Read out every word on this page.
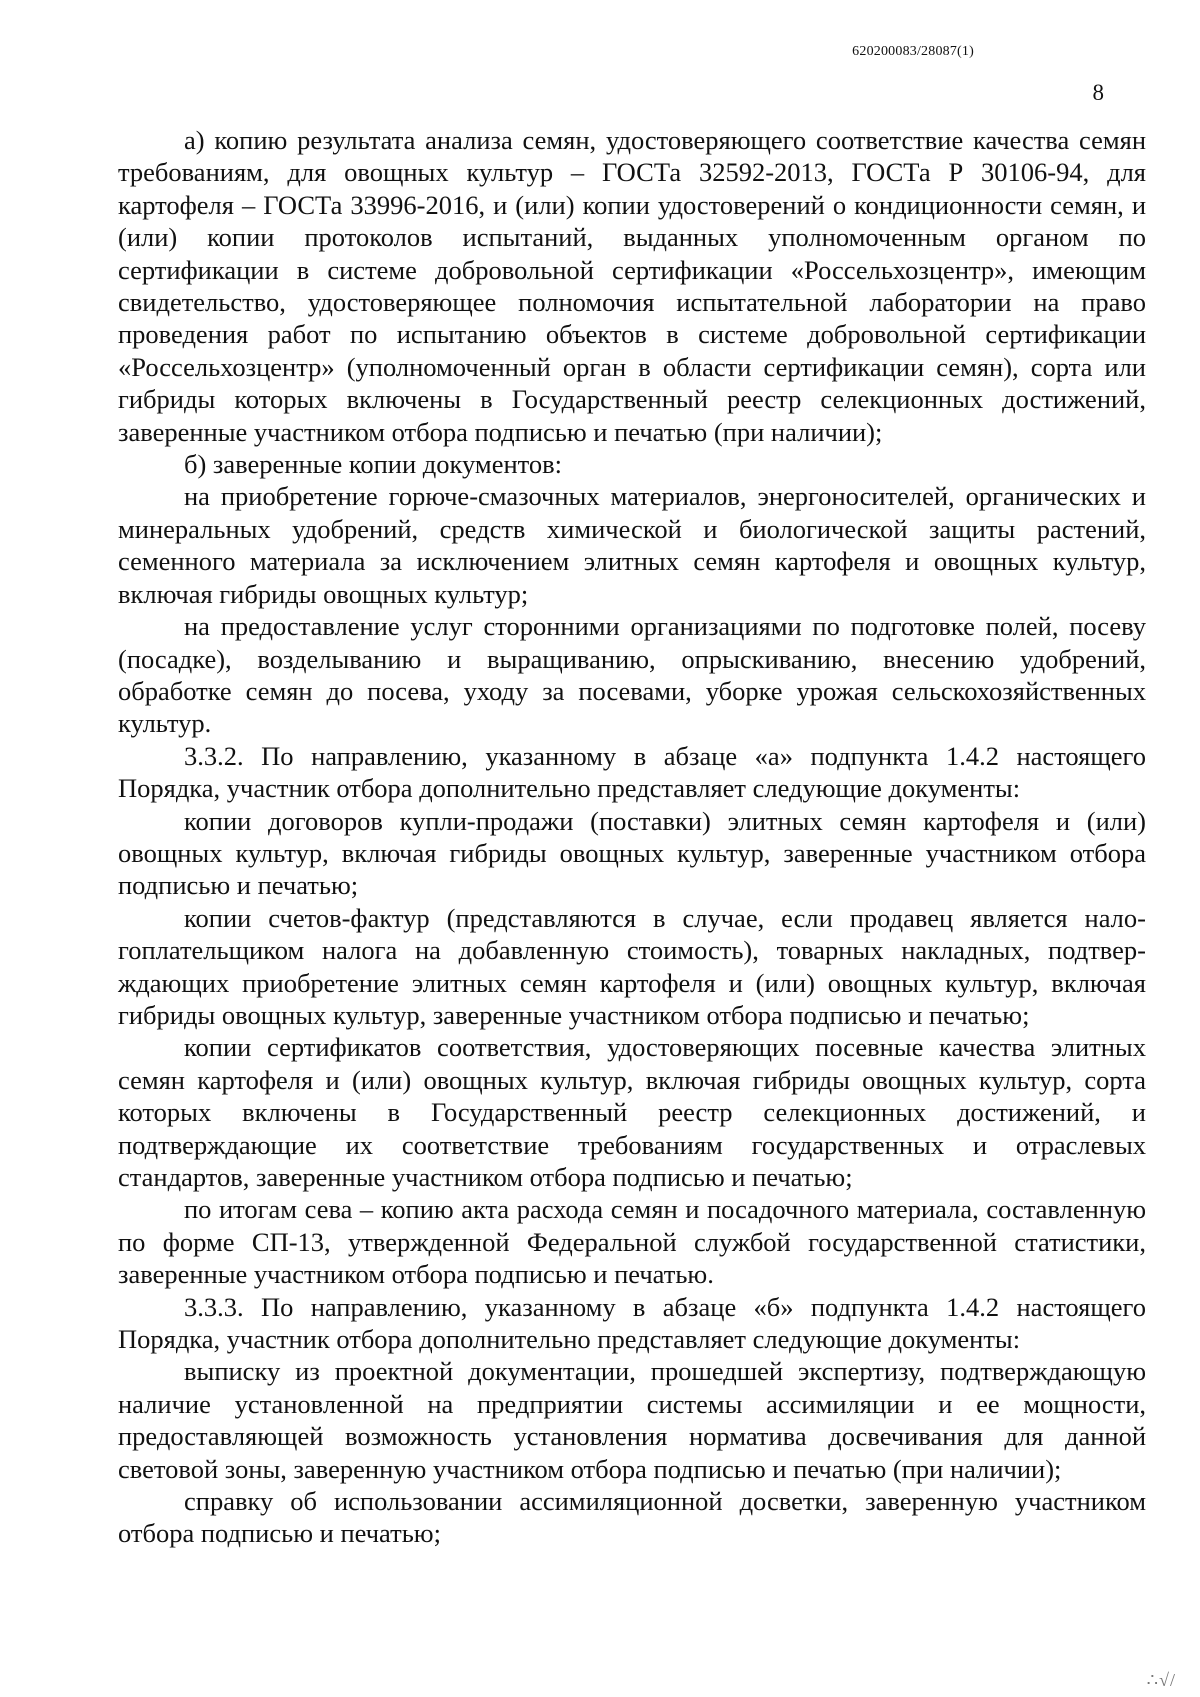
620200083/28087(1)
8

а) копию результата анализа семян, удостоверяющего соответствие качества семян требованиям, для овощных культур – ГОСТа 32592-2013, ГОСТа Р 30106-94, для картофеля – ГОСТа 33996-2016, и (или) копии удостоверений о кондиционности семян, и (или) копии протоколов испытаний, выданных уполномоченным органом по сертификации в системе добровольной сертификации «Россельхозцентр», имеющим свидетельство, удостоверяющее полномочия испытательной лаборатории на право проведения работ по испытанию объектов в системе добровольной сертификации «Россельхозцентр» (уполномоченный орган в области сертификации семян), сорта или гибриды которых включены в Государственный реестр селекционных достижений, заверенные участником отбора подписью и печатью (при наличии);

б) заверенные копии документов:

на приобретение горюче-смазочных материалов, энергоносителей, органических и минеральных удобрений, средств химической и биологической защиты растений, семенного материала за исключением элитных семян картофеля и овощных культур, включая гибриды овощных культур;

на предоставление услуг сторонними организациями по подготовке полей, посеву (посадке), возделыванию и выращиванию, опрыскиванию, внесению удобрений, обработке семян до посева, уходу за посевами, уборке урожая сельскохозяйственных культур.

3.3.2. По направлению, указанному в абзаце «а» подпункта 1.4.2 настоящего Порядка, участник отбора дополнительно представляет следующие документы:

копии договоров купли-продажи (поставки) элитных семян картофеля и (или) овощных культур, включая гибриды овощных культур, заверенные участником отбора подписью и печатью;

копии счетов-фактур (представляются в случае, если продавец является налогоплательщиком налога на добавленную стоимость), товарных накладных, подтверждающих приобретение элитных семян картофеля и (или) овощных культур, включая гибриды овощных культур, заверенные участником отбора подписью и печатью;

копии сертификатов соответствия, удостоверяющих посевные качества элитных семян картофеля и (или) овощных культур, включая гибриды овощных культур, сорта которых включены в Государственный реестр селекционных достижений, и подтверждающие их соответствие требованиям государственных и отраслевых стандартов, заверенные участником отбора подписью и печатью;

по итогам сева – копию акта расхода семян и посадочного материала, составленную по форме СП-13, утвержденной Федеральной службой государственной статистики, заверенные участником отбора подписью и печатью.

3.3.3. По направлению, указанному в абзаце «б» подпункта 1.4.2 настоящего Порядка, участник отбора дополнительно представляет следующие документы:

выписку из проектной документации, прошедшей экспертизу, подтверждающую наличие установленной на предприятии системы ассимиляции и ее мощности, предоставляющей возможность установления норматива досвечивания для данной световой зоны, заверенную участником отбора подписью и печатью (при наличии);

справку об использовании ассимиляционной досветки, заверенную участником отбора подписью и печатью;

∴√/
